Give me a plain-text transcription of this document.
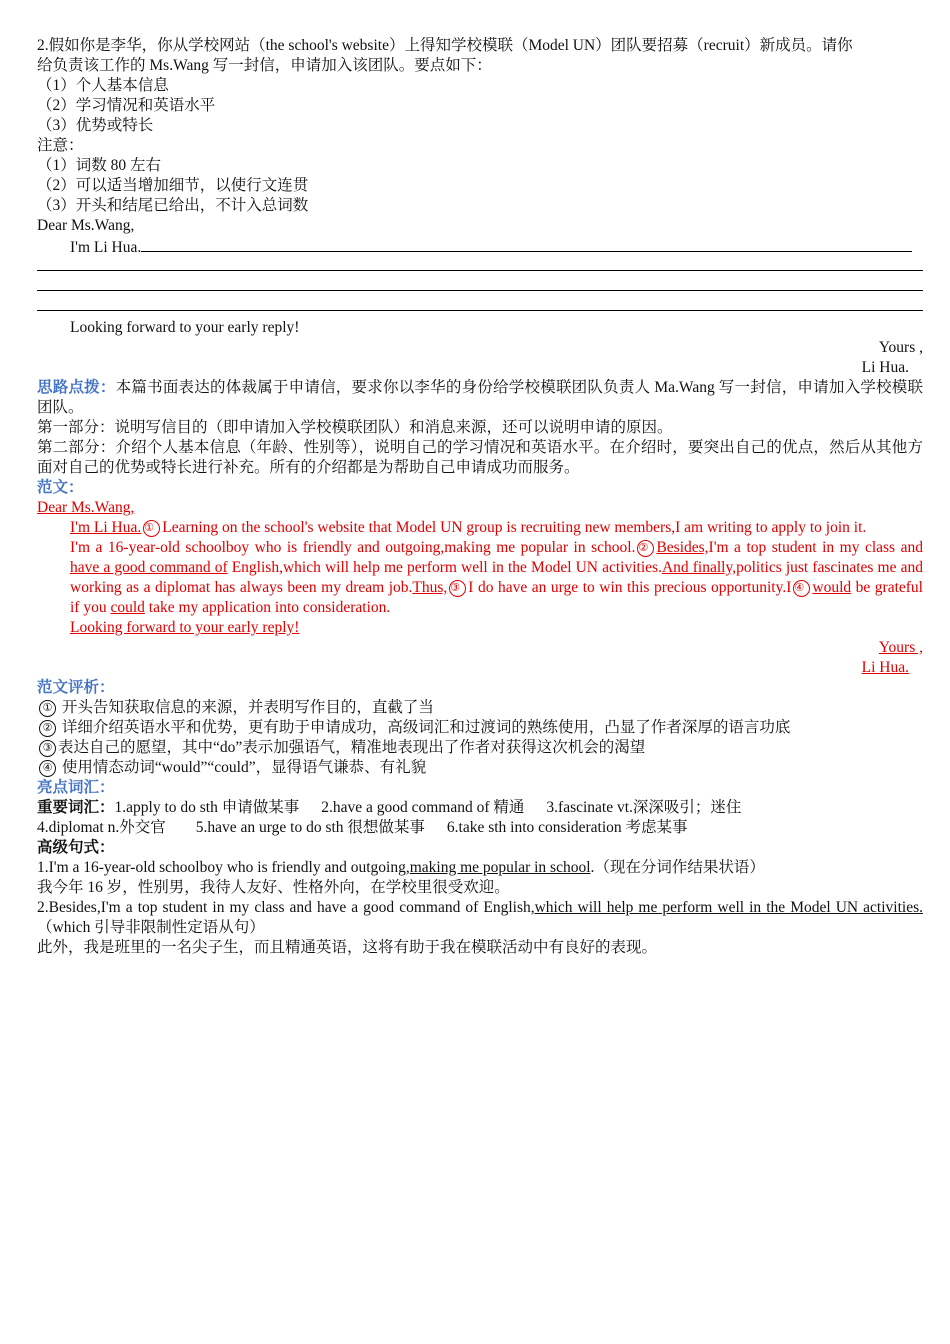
2.假如你是李华，你从学校网站（the school's website）上得知学校模联（Model UN）团队要招募（recruit）新成员。请你
给负责该工作的 Ms.Wang 写一封信，申请加入该团队。要点如下：
（1）个人基本信息
（2）学习情况和英语水平
（3）优势或特长
注意：
（1）词数 80 左右
（2）可以适当增加细节，以使行文连贯
（3）开头和结尾已给出，不计入总词数
Dear Ms.Wang,
I'm Li Hua.
Looking forward to your early reply!
Yours ,
Li Hua.
思路点拨：本篇书面表达的体裁属于申请信，要求你以李华的身份给学校模联团队负责人 Ma.Wang 写一封信，申请加入学校模联团队。
第一部分：说明写信目的（即申请加入学校模联团队）和消息来源，还可以说明申请的原因。
第二部分：介绍个人基本信息（年龄、性别等），说明自己的学习情况和英语水平。在介绍时，要突出自己的优点，然后从其他方面对自己的优势或特长进行补充。所有的介绍都是为帮助自己申请成功而服务。
范文：
Dear Ms.Wang,
I'm Li Hua. ① Learning on the school's website that Model UN group is recruiting new members,I am writing to apply to join it.
I'm a 16-year-old schoolboy who is friendly and outgoing,making me popular in school. ② Besides,I'm a top student in my class and have a good command of English,which will help me perform well in the Model UN activities.And finally,politics just fascinates me and working as a diplomat has always been my dream job.Thus, ③ I do have an urge to win this precious opportunity.I ④ would be grateful if you could take my application into consideration.
Looking forward to your early reply!
Yours ,
Li Hua.
范文评析：
① 开头告知获取信息的来源，并表明写作目的，直截了当
② 详细介绍英语水平和优势，更有助于申请成功，高级词汇和过渡词的熟练使用，凸显了作者深厚的语言功底
③ 表达自己的愿望，其中“do”表示加强语气，精准地表现出了作者对获得这次机会的渴望
④ 使用情态动词“would”“could”，显得语气谦恭、有礼貌
亮点词汇：
重要词汇：1.apply to do sth 申请做某事 2.have a good command of 精通 3.fascinate vt.深深吸引；迷住
4.diplomat n.外交官 5.have an urge to do sth 很想做某事 6.take sth into consideration 考虑某事
高级句式：
1.I'm a 16-year-old schoolboy who is friendly and outgoing,making me popular in school.（现在分词作结果状语）
我今年 16 岁，性别男，我待人友好、性格外向，在学校里很受欢迎。
2.Besides,I'm a top student in my class and have a good command of English,which will help me perform well in the Model UN activities.（which 引导非限制性定语从句）
此外，我是班里的一名尖子生，而且精通英语，这将有助于我在模联活动中有良好的表现。
